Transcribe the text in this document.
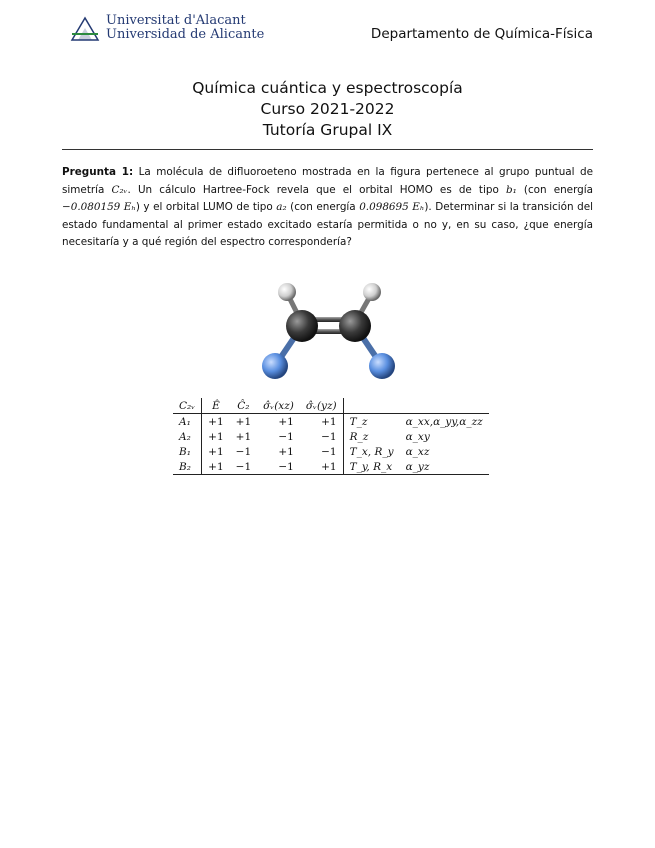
Universitat d'Alacant
Universidad de Alicante	Departamento de Química-Física
Química cuántica y espectroscopía
Curso 2021-2022
Tutoría Grupal IX
Pregunta 1: La molécula de difluoroeteno mostrada en la figura pertenece al grupo puntual de simetría C₂ᵥ. Un cálculo Hartree-Fock revela que el orbital HOMO es de tipo b₁ (con energía −0.080159 Eₕ) y el orbital LUMO de tipo a₂ (con energía 0.098695 Eₕ). Determinar si la transición del estado fundamental al primer estado excitado estaría permitida o no y, en su caso, ¿que energía necesitaría y a qué región del espectro correspondería?
C₂ᵥ	Ê	Ĉ₂	σ̂ᵥ(xz)	σ̂ᵥ(yz)		
A₁	+1	+1	+1	+1	T_z	α_xx,α_yy,α_zz
A₂	+1	+1	−1	−1	R_z	α_xy
B₁	+1	−1	+1	−1	T_x, R_y	α_xz
B₂	+1	−1	−1	+1	T_y, R_x	α_yz
